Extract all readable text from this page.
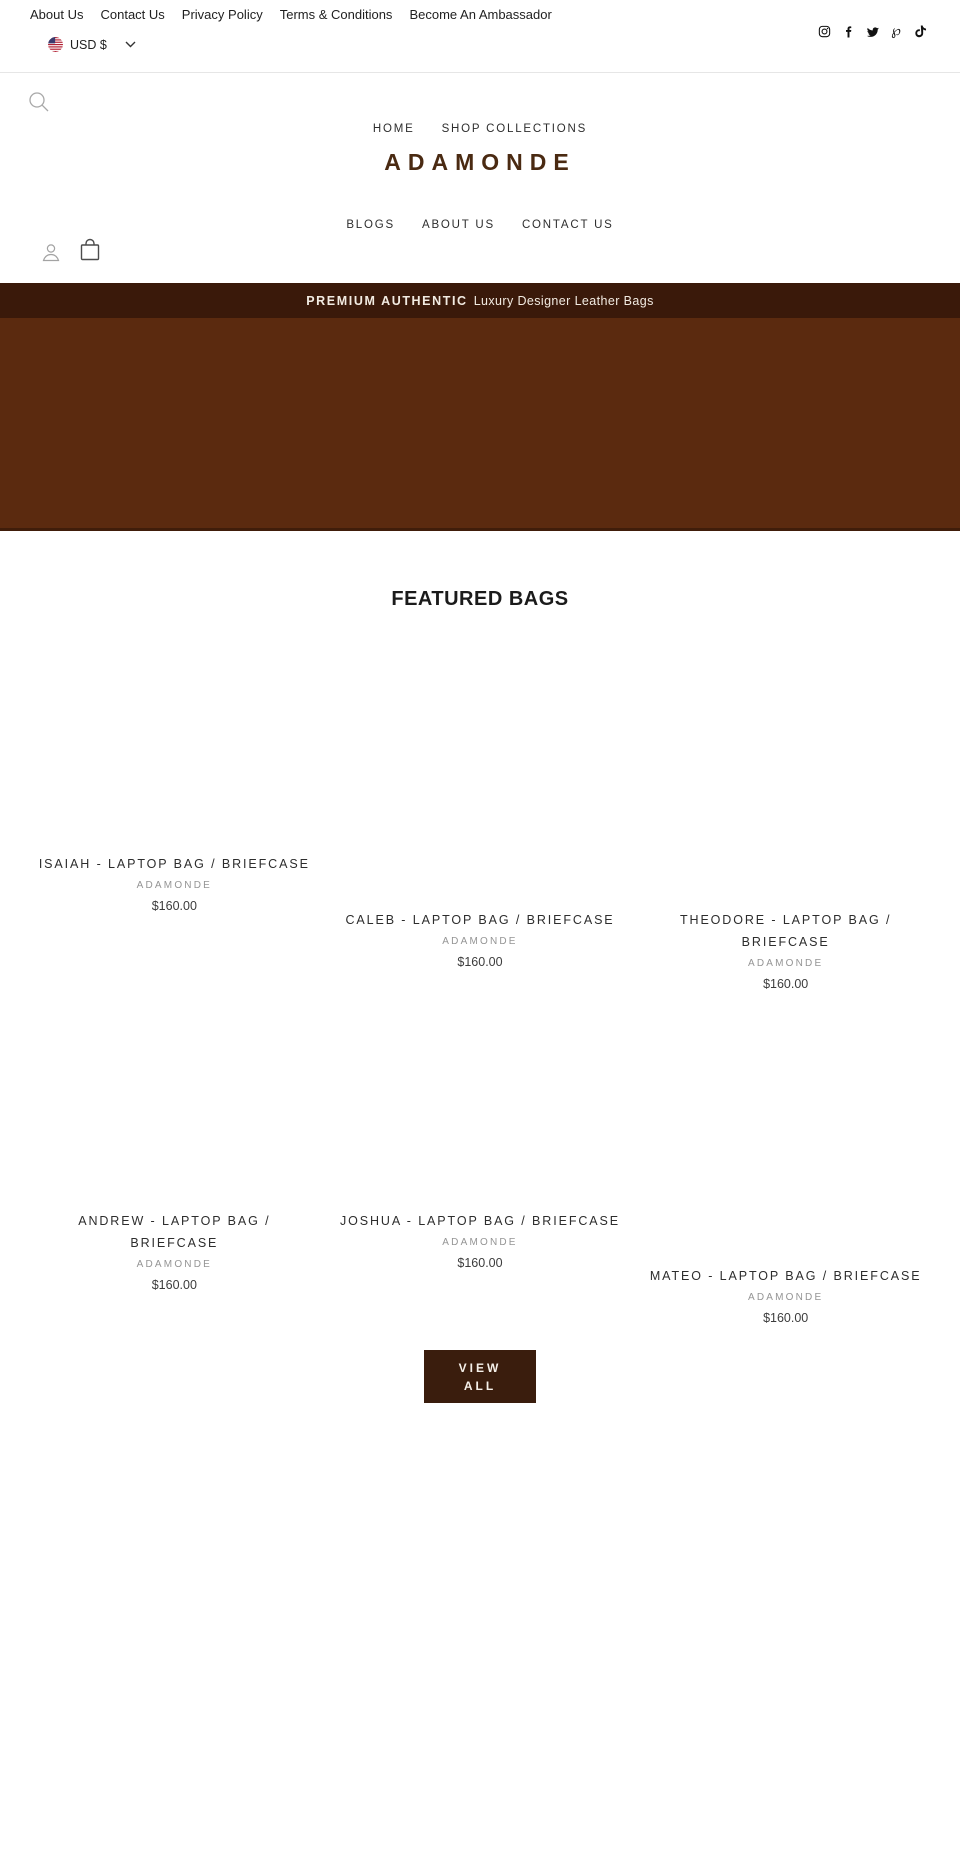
About Us Contact Us Privacy Policy Terms & Conditions Become An Ambassador
℘
USD $
HOME SHOP COLLECTIONS
ADAMONDE
BLOGS ABOUT US CONTACT US
PREMIUM AUTHENTIC Luxury Designer Leather Bags
FEATURED BAGS
ISAIAH - LAPTOP BAG / BRIEFCASE
ADAMONDE
$160.00
CALEB - LAPTOP BAG / BRIEFCASE
ADAMONDE
$160.00
THEODORE - LAPTOP BAG / BRIEFCASE
ADAMONDE
$160.00
ANDREW - LAPTOP BAG / BRIEFCASE
ADAMONDE
$160.00
JOSHUA - LAPTOP BAG / BRIEFCASE
ADAMONDE
$160.00
MATEO - LAPTOP BAG / BRIEFCASE
ADAMONDE
$160.00
VIEW ALL
